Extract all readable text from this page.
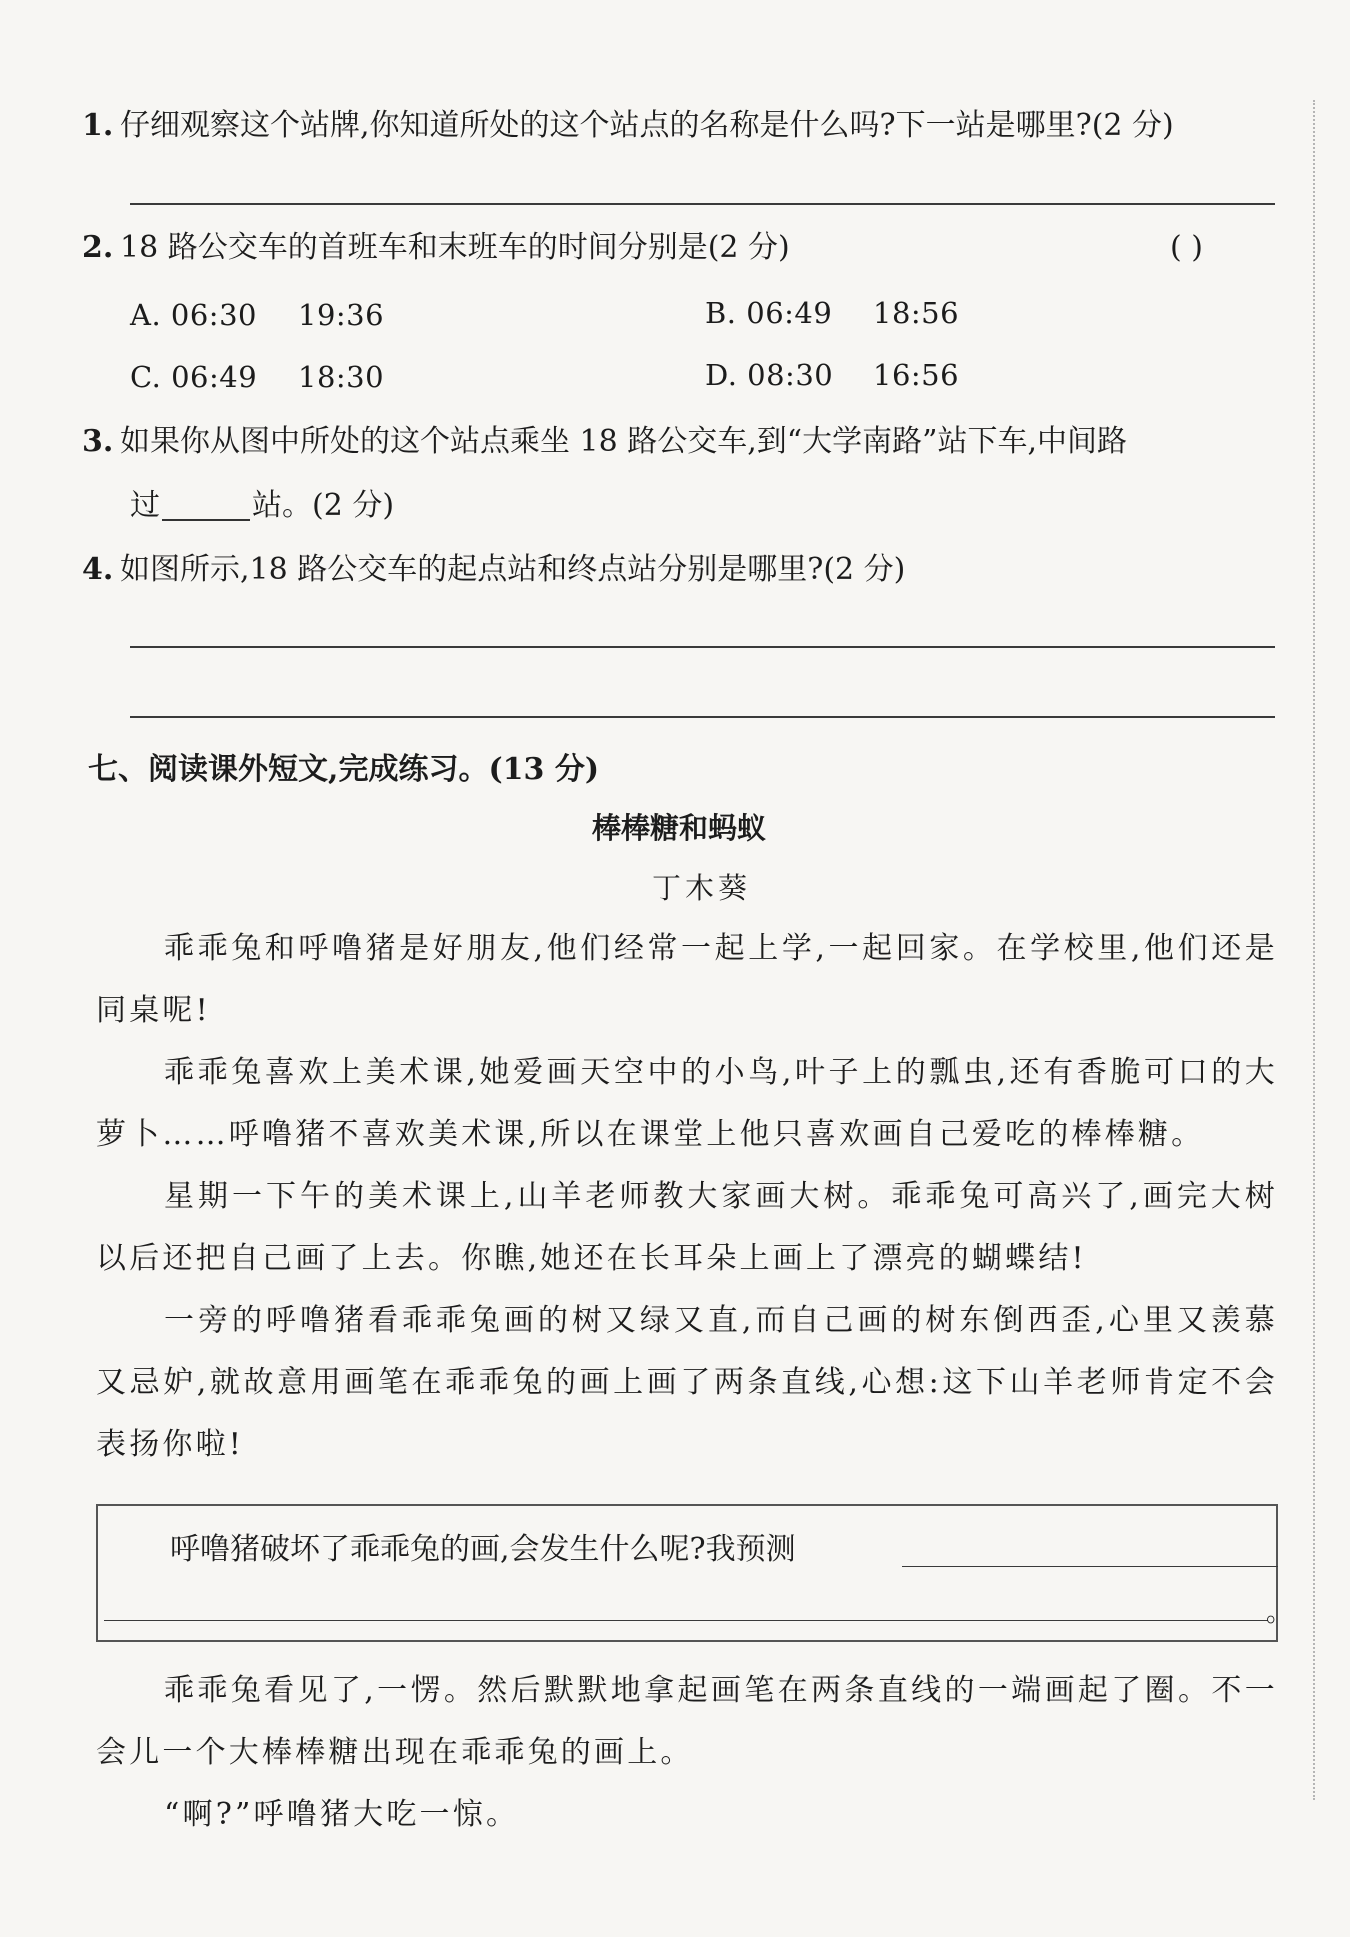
1. 仔细观察这个站牌,你知道所处的这个站点的名称是什么吗?下一站是哪里?(2 分)
2. 18 路公交车的首班车和末班车的时间分别是(2 分)	( )
A. 06:30 19:36	B. 06:49 18:56
C. 06:49 18:30	D. 08:30 16:56
3. 如果你从图中所处的这个站点乘坐 18 路公交车,到“大学南路”站下车,中间路
过	站。(2 分)
4. 如图所示,18 路公交车的起点站和终点站分别是哪里?(2 分)
七、阅读课外短文,完成练习。(13 分)
棒棒糖和蚂蚁
丁木葵

乖乖兔和呼噜猪是好朋友,他们经常一起上学,一起回家。在学校里,他们还是同桌呢!

乖乖兔喜欢上美术课,她爱画天空中的小鸟,叶子上的瓢虫,还有香脆可口的大萝卜……呼噜猪不喜欢美术课,所以在课堂上他只喜欢画自己爱吃的棒棒糖。

星期一下午的美术课上,山羊老师教大家画大树。乖乖兔可高兴了,画完大树以后还把自己画了上去。你瞧,她还在长耳朵上画上了漂亮的蝴蝶结!

一旁的呼噜猪看乖乖兔画的树又绿又直,而自己画的树东倒西歪,心里又羡慕又忌妒,就故意用画笔在乖乖兔的画上画了两条直线,心想:这下山羊老师肯定不会表扬你啦!

呼噜猪破坏了乖乖兔的画,会发生什么呢?我预测
。

乖乖兔看见了,一愣。然后默默地拿起画笔在两条直线的一端画起了圈。不一会儿一个大棒棒糖出现在乖乖兔的画上。

“啊?”呼噜猪大吃一惊。
